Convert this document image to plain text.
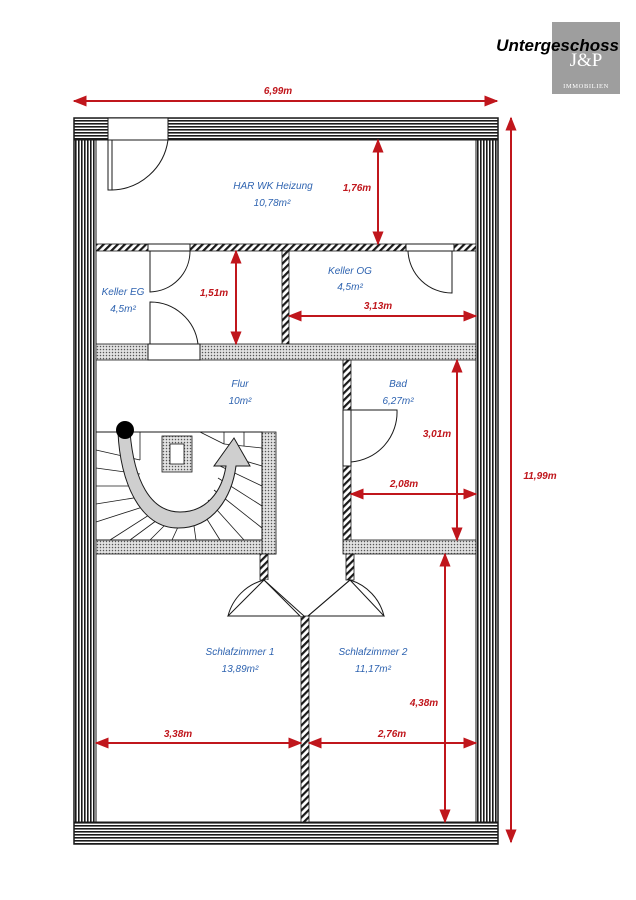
6,99m
11,99m
1,76m
1,51m
3,13m
3,01m
2,08m
4,38m
3,38m	2,76m
HAR WK Heizung
10,78m²
Keller EG
4,5m²
Keller OG
4,5m²
Flur
10m²
Bad
6,27m²
Schlafzimmer 1
13,89m²
Schlafzimmer 2
11,17m²
J&P
IMMOBILIEN
Untergeschoss
